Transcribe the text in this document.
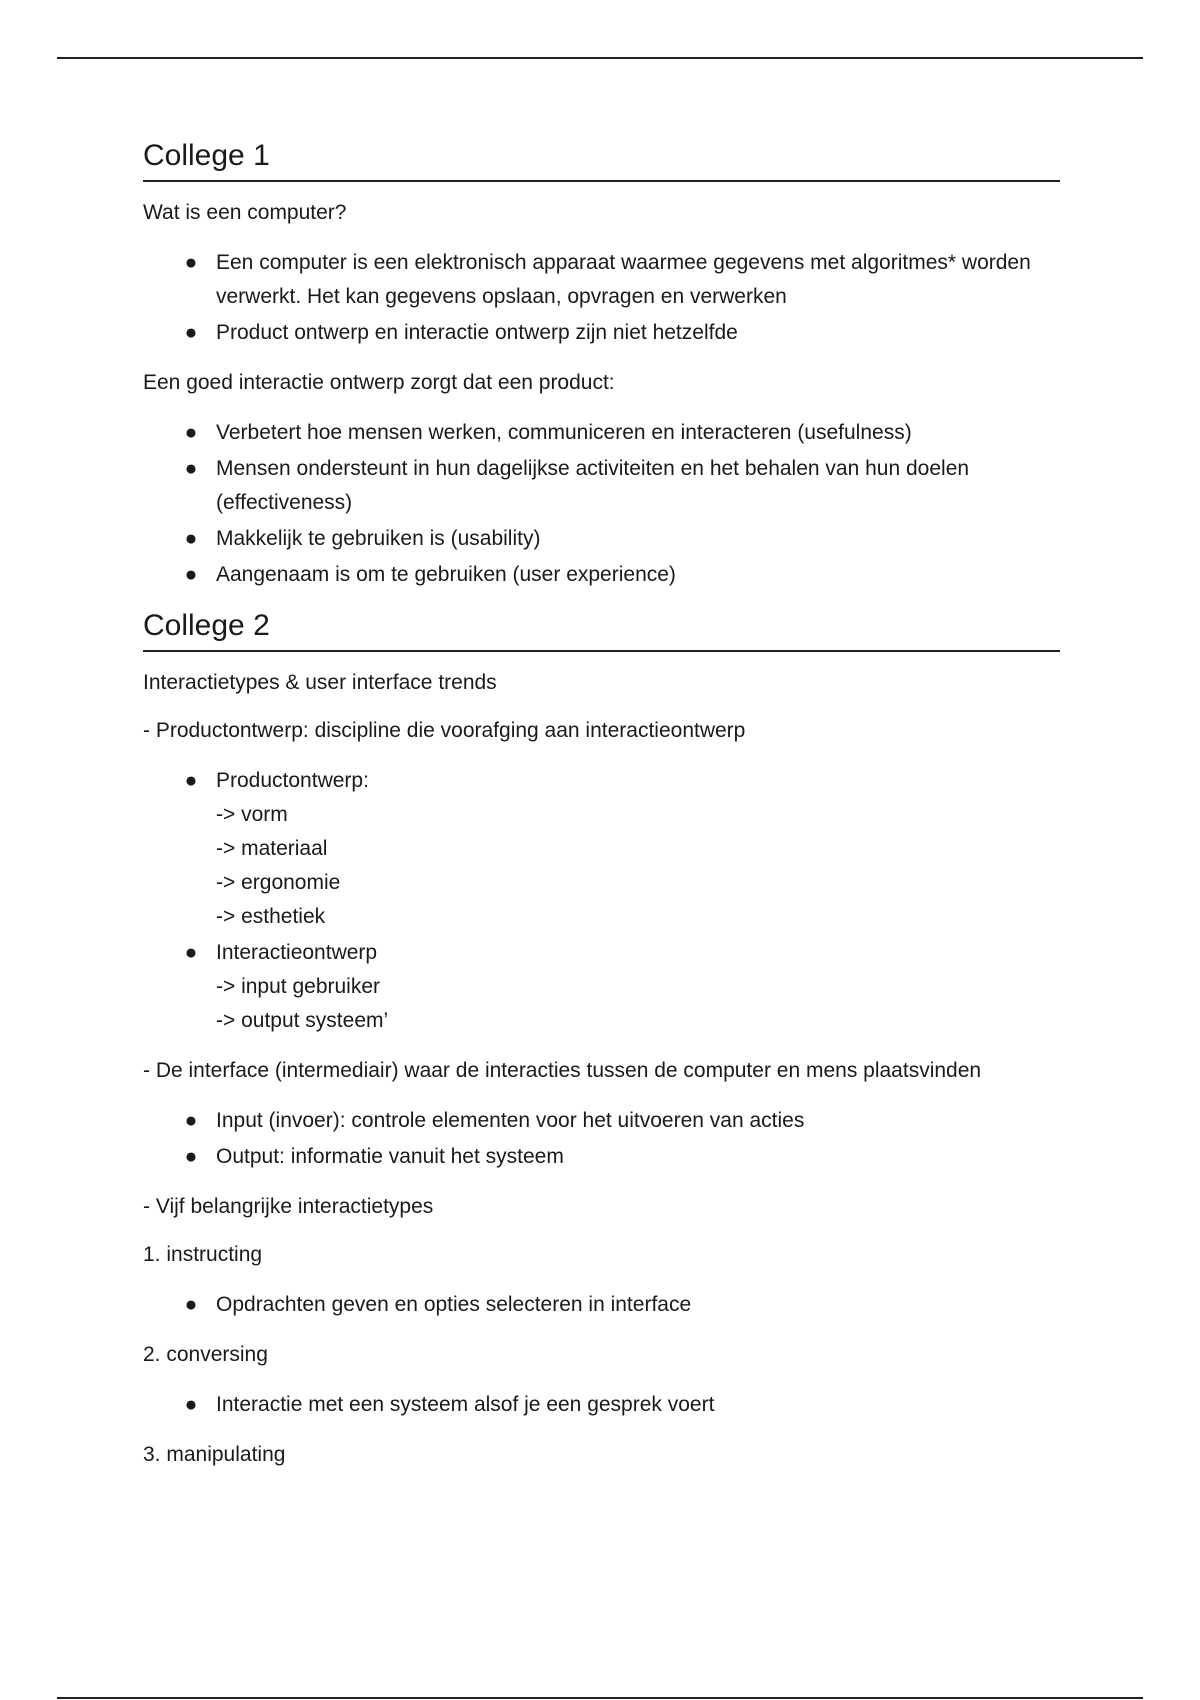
College 1

Wat is een computer?

● Een computer is een elektronisch apparaat waarmee gegevens met algoritmes* worden verwerkt. Het kan gegevens opslaan, opvragen en verwerken
● Product ontwerp en interactie ontwerp zijn niet hetzelfde

Een goed interactie ontwerp zorgt dat een product:

● Verbetert hoe mensen werken, communiceren en interacteren (usefulness)
● Mensen ondersteunt in hun dagelijkse activiteiten en het behalen van hun doelen (effectiveness)
● Makkelijk te gebruiken is (usability)
● Aangenaam is om te gebruiken (user experience)
College 2

Interactietypes & user interface trends

- Productontwerp: discipline die voorafging aan interactieontwerp

● Productontwerp:
-> vorm
-> materiaal
-> ergonomie
-> esthetiek
● Interactieontwerp
-> input gebruiker
-> output systeem’

- De interface (intermediair) waar de interacties tussen de computer en mens plaatsvinden

● Input (invoer): controle elementen voor het uitvoeren van acties
● Output: informatie vanuit het systeem

- Vijf belangrijke interactietypes

1. instructing

● Opdrachten geven en opties selecteren in interface

2. conversing

● Interactie met een systeem alsof je een gesprek voert

3. manipulating
